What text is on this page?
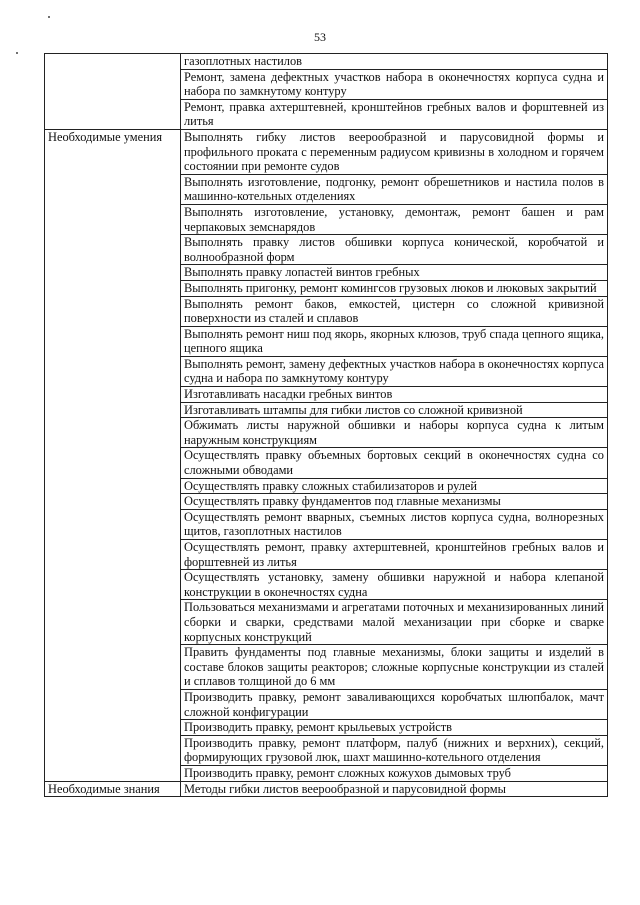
53

	газоплотных настилов

	Ремонт, замена дефектных участков набора в оконечностях корпуса судна и набора по замкнутому контуру

	Ремонт, правка ахтерштевней, кронштейнов гребных валов и форштевней из литья

Необходимые умения	Выполнять гибку листов веерообразной и парусовидной формы и профильного проката с переменным радиусом кривизны в холодном и горячем состоянии при ремонте судов

	Выполнять изготовление, подгонку, ремонт обрешетников и настила полов в машинно-котельных отделениях

	Выполнять изготовление, установку, демонтаж, ремонт башен и рам черпаковых земснарядов

	Выполнять правку листов обшивки корпуса конической, коробчатой и волнообразной форм

	Выполнять правку лопастей винтов гребных

	Выполнять пригонку, ремонт комингсов грузовых люков и люковых закрытий

	Выполнять ремонт баков, емкостей, цистерн со сложной кривизной поверхности из сталей и сплавов

	Выполнять ремонт ниш под якорь, якорных клюзов, труб спада цепного ящика, цепного ящика

	Выполнять ремонт, замену дефектных участков набора в оконечностях корпуса судна и набора по замкнутому контуру

	Изготавливать насадки гребных винтов

	Изготавливать штампы для гибки листов со сложной кривизной

	Обжимать листы наружной обшивки и наборы корпуса судна к литым наружным конструкциям

	Осуществлять правку объемных бортовых секций в оконечностях судна со сложными обводами

	Осуществлять правку сложных стабилизаторов и рулей

	Осуществлять правку фундаментов под главные механизмы

	Осуществлять ремонт вварных, съемных листов корпуса судна, волнорезных щитов, газоплотных настилов

	Осуществлять ремонт, правку ахтерштевней, кронштейнов гребных валов и форштевней из литья

	Осуществлять установку, замену обшивки наружной и набора клепаной конструкции в оконечностях судна

	Пользоваться механизмами и агрегатами поточных и механизированных линий сборки и сварки, средствами малой механизации при сборке и сварке корпусных конструкций

	Править фундаменты под главные механизмы, блоки защиты и изделий в составе блоков защиты реакторов; сложные корпусные конструкции из сталей и сплавов толщиной до 6 мм

	Производить правку, ремонт заваливающихся коробчатых шлюпбалок, мачт сложной конфигурации

	Производить правку, ремонт крыльевых устройств

	Производить правку, ремонт платформ, палуб (нижних и верхних), секций, формирующих грузовой люк, шахт машинно-котельного отделения

	Производить правку, ремонт сложных кожухов дымовых труб

Необходимые знания	Методы гибки листов веерообразной и парусовидной формы
